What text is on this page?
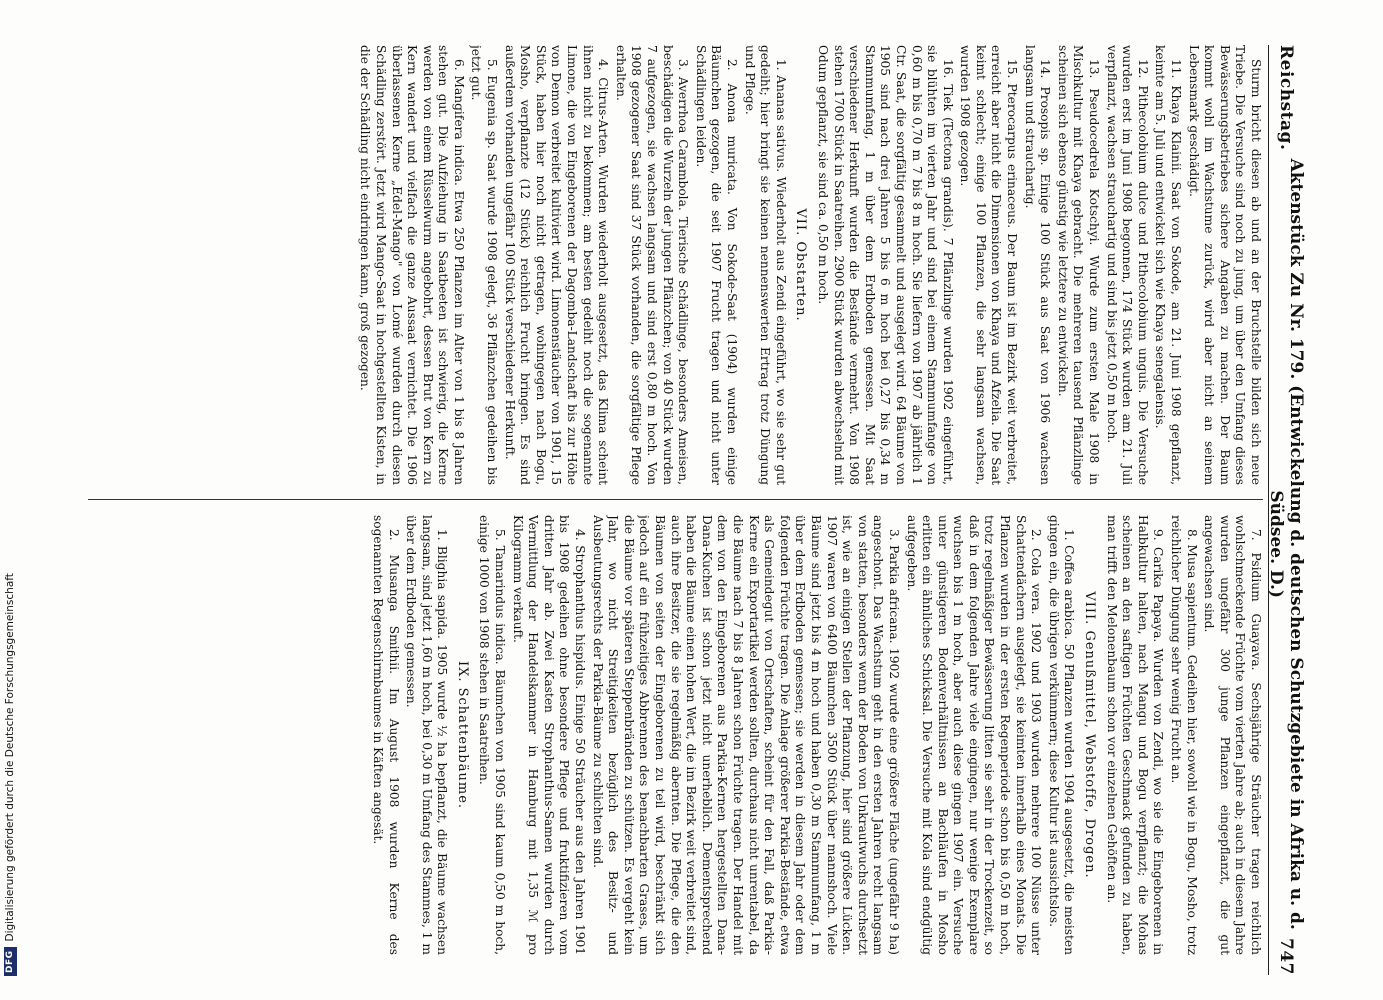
DFG
Digitalisierung gefördert durch die Deutsche Forschungsgemeinschaft
Reichstag.
Aktenstück Zu Nr. 179. (Entwickelung d. deutschen Schutzgebiete in Afrika u. d. Südsee. D.)
747

Sturm bricht diesen ab und an der Bruchstelle bilden sich neue Triebe. Die Versuche sind noch zu jung, um über den Umfang dieses Bewässerungsbetriebes sichere Angaben zu machen. Der Baum kommt wohl im Wachstume zurück, wird aber nicht an seinem Lebensmark geschädigt.

11. Khaya Klainii. Saat von Sokode, am 21. Juni 1908 gepflanzt, keimte am 5. Juli und entwickelt sich wie Khaya senegalensis.

12. Pithecolobium dulce und Pithecolobium unguis. Die Versuche wurden erst im Juni 1908 begonnen, 174 Stück wurden am 21. Juli verpflanzt, wachsen strauchartig und sind bis jetzt 0,50 m hoch.

13. Pseudocedrela Kotschyi. Wurde zum ersten Male 1908 in Mischkultur mit Khaya gebracht. Die mehreren tausend Pflänzlinge scheinen sich ebenso günstig wie letztere zu entwickeln.

14. Prosopis sp. Einige 100 Stück aus Saat von 1906 wachsen langsam und strauchartig.

15. Pterocarpus erinaceus. Der Baum ist im Bezirk weit verbreitet, erreicht aber nicht die Dimensionen von Khaya und Afzelia. Die Saat keimt schlecht; einige 100 Pflanzen, die sehr langsam wachsen, wurden 1908 gezogen.

16. Tiek (Tectona grandis). 7 Pflänzlinge wurden 1902 eingeführt, sie blühten im vierten Jahr und sind bei einem Stammumfange von 0,60 m bis 0,70 m 7 bis 8 m hoch. Sie liefern von 1907 ab jährlich 1 Ctr. Saat, die sorgfältig gesammelt und ausgelegt wird. 64 Bäume von 1905 sind nach drei Jahren 5 bis 6 m hoch bei 0,27 bis 0,34 m Stammumfang, 1 m über dem Erdboden gemessen. Mit Saat verschiedener Herkunft wurden die Bestände vermehrt. Von 1908 stehen 1700 Stück in Saatreihen. 2900 Stück wurden abwechselnd mit Odum gepflanzt, sie sind ca. 0,50 m hoch.

VII. Obstarten.

1. Ananas sativus. Wiederholt aus Zendi eingeführt, wo sie sehr gut gedeiht; hier bringt sie keinen nennenswerten Ertrag trotz Düngung und Pflege.

2. Anona muricata. Von Sokode-Saat (1904) wurden einige Bäumchen gezogen, die seit 1907 Frucht tragen und nicht unter Schädlingen leiden.

3. Averrhoa Carambola. Tierische Schädlinge, besonders Ameisen, beschädigen die Wurzeln der jungen Pflänzchen; von 40 Stück wurden 7 aufgezogen, sie wachsen langsam und sind erst 0,80 m hoch. Von 1908 gezogener Saat sind 37 Stück vorhanden, die sorgfältige Pflege erhalten.

4. Citrus-Arten. Wurden wiederholt ausgesetzt, das Klima scheint ihnen nicht zu bekommen; am besten gedeiht noch die sogenannte Limone, die von Eingeborenen der Dagomba-Landschaft bis zur Höhe von Demon verbreitet kultiviert wird. Limonenstäucher von 1901, 15 Stück, haben hier noch nicht getragen, wohingegen nach Bogu, Mosho, verpflanzte (12 Stück) reichlich Frucht bringen. Es sind außerdem vorhanden ungefähr 100 Stück verschiedener Herkunft.

5. Eugenia sp. Saat wurde 1908 gelegt, 36 Pflänzchen gedeihen bis jetzt gut.

6. Mangifera indica. Etwa 250 Pflanzen im Alter von 1 bis 8 Jahren stehen gut. Die Aufziehung in Saatbeeten ist schwierig, die Kerne werden von einem Rüsselwurm angebohrt, dessen Brut von Kern zu Kern wandert und vielfach die ganze Aussaat vernichtet. Die 1906 überlassenen Kerne „Edel-Mango" von Lomé wurden durch diesen Schädling zerstört. Jetzt wird Mango-Saat in hochgestellten Kisten, in die der Schädling nicht eindringen kann, groß gezogen.

7. Psidium Guayava. Sechsjährige Sträucher tragen reichlich wohlschmeckende Früchte vom vierten Jahre ab; auch in diesem Jahre wurden ungefähr 300 junge Pflanzen eingepflanzt, die gut angewachsen sind.

8. Musa sapientum. Gedeihen hier, sowohl wie in Bogu, Mosho, trotz reichlicher Düngung sehr wenig Frucht an.

9. Carika Papaya. Wurden von Zendi, wo sie die Eingeborenen in Halbkultur halten, nach Mangu und Bogu verpflanzt; die Mohas scheinen an den saftigen Früchten Geschmack gefunden zu haben, man trifft den Melonenbaum schon vor einzelnen Gehöften an.

VIII. Genußmittel, Webstoffe, Drogen.

1. Coffea arabica. 50 Pflanzen wurden 1904 ausgesetzt, die meisten gingen ein, die übrigen verkümmern; diese Kultur ist aussichtslos.

2. Cola vera. 1902 und 1903 wurden mehrere 100 Nüsse unter Schattendächern ausgelegt, sie keimten innerhalb eines Monats. Die Pflanzen wurden in der ersten Regenperiode schon bis 0,50 m hoch, trotz regelmäßiger Bewässerung litten sie sehr in der Trockenzeit, so daß in dem folgenden Jahre viele eingingen, nur wenige Exemplare wuchsen bis 1 m hoch, aber auch diese gingen 1907 ein. Versuche unter günstigeren Bodenverhältnissen an Bachläufen in Mosho erlitten ein ähnliches Schicksal. Die Versuche mit Kola sind endgültig aufgegeben.

3. Parkia africana. 1902 wurde eine größere Fläche (ungefähr 9 ha) angeschont. Das Wachstum geht in den ersten Jahren recht langsam von statten, besonders wenn der Boden von Unkrautwuchs durchsetzt ist, wie an einigen Stellen der Pflanzung, hier sind größere Lücken. 1907 waren von 6400 Bäumchen 3500 Stück über mannshoch. Viele Bäume sind jetzt bis 4 m hoch und haben 0,30 m Stammumfang, 1 m über dem Erdboden gemessen; sie werden in diesem Jahr oder dem folgenden Früchte tragen. Die Anlage größerer Parkia-Bestände, etwa als Gemeindegut von Ortschaften, scheint für den Fall, daß Parkia-Kerne ein Exportartikel werden sollten, durchaus nicht unrentabel, da die Bäume nach 7 bis 8 Jahren schon Früchte tragen. Der Handel mit dem von den Eingeborenen aus Parkia-Kernen hergestellten Dana-Dana-Kuchen ist schon jetzt nicht unerheblich. Dementsprechend haben die Bäume einen hohen Wert, die im Bezirk weit verbreitet sind, auch ihre Besitzer, die sie regelmäßig abernten. Die Pflege, die den Bäumen von seiten der Eingeborenen zu teil wird, beschränkt sich jedoch auf ein frühzeitiges Abbrennen des benachbarten Grases, um die Bäume vor späteren Steppenbränden zu schützen. Es vergeht kein Jahr, wo nicht Streitigkeiten bezüglich des Besitz- und Ausbeutungsrechts der Parkia-Bäume zu schlichten sind.

4. Strophanthus hispidus. Einige 50 Sträucher aus den Jahren 1901 bis 1908 gedeihen ohne besondere Pflege und fruktifizieren vom dritten Jahr ab. Zwei Kasten Strophanthus-Samen wurden durch Vermittlung der Handelskammer in Hamburg mit 1,35 ℳ pro Kilogramm verkauft.

5. Tamarindus indica. Bäumchen von 1905 sind kaum 0,50 m hoch, einige 1000 von 1908 stehen in Saatreihen.

IX. Schattenbäume.

1. Blighia sapida. 1905 wurde ½ ha bepflanzt, die Bäume wachsen langsam, sind jetzt 1,60 m hoch, bei 0,30 m Umfang des Stammes, 1 m über dem Erdboden gemessen.

2. Musanga Smithii. Im August 1908 wurden Kerne des sogenannten Regenschirmbaumes in Käften angesät.
